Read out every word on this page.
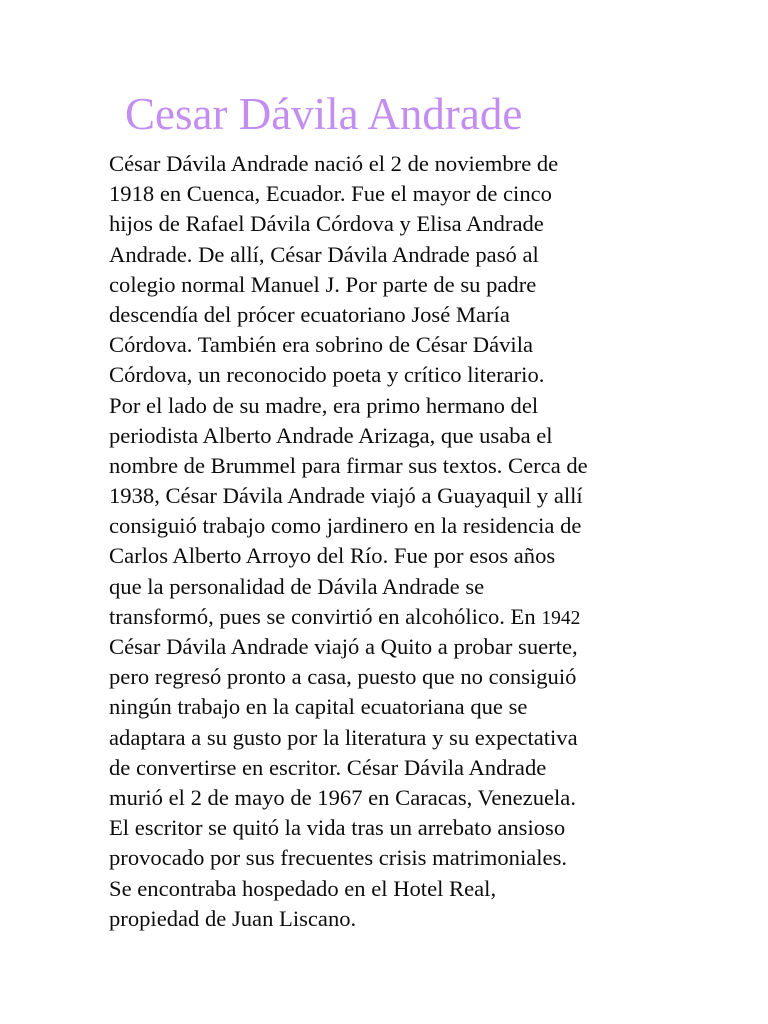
Cesar Dávila Andrade
César Dávila Andrade nació el 2 de noviembre de
1918 en Cuenca, Ecuador. Fue el mayor de cinco
hijos de Rafael Dávila Córdova y Elisa Andrade
Andrade. De allí, César Dávila Andrade pasó al
colegio normal Manuel J. Por parte de su padre
descendía del prócer ecuatoriano José María
Córdova. También era sobrino de César Dávila
Córdova, un reconocido poeta y crítico literario.
Por el lado de su madre, era primo hermano del
periodista Alberto Andrade Arizaga, que usaba el
nombre de Brummel para firmar sus textos. Cerca de
1938, César Dávila Andrade viajó a Guayaquil y allí
consiguió trabajo como jardinero en la residencia de
Carlos Alberto Arroyo del Río. Fue por esos años
que la personalidad de Dávila Andrade se
transformó, pues se convirtió en alcohólico. En 1942
César Dávila Andrade viajó a Quito a probar suerte,
pero regresó pronto a casa, puesto que no consiguió
ningún trabajo en la capital ecuatoriana que se
adaptara a su gusto por la literatura y su expectativa
de convertirse en escritor. César Dávila Andrade
murió el 2 de mayo de 1967 en Caracas, Venezuela.
El escritor se quitó la vida tras un arrebato ansioso
provocado por sus frecuentes crisis matrimoniales.
Se encontraba hospedado en el Hotel Real,
propiedad de Juan Liscano.
